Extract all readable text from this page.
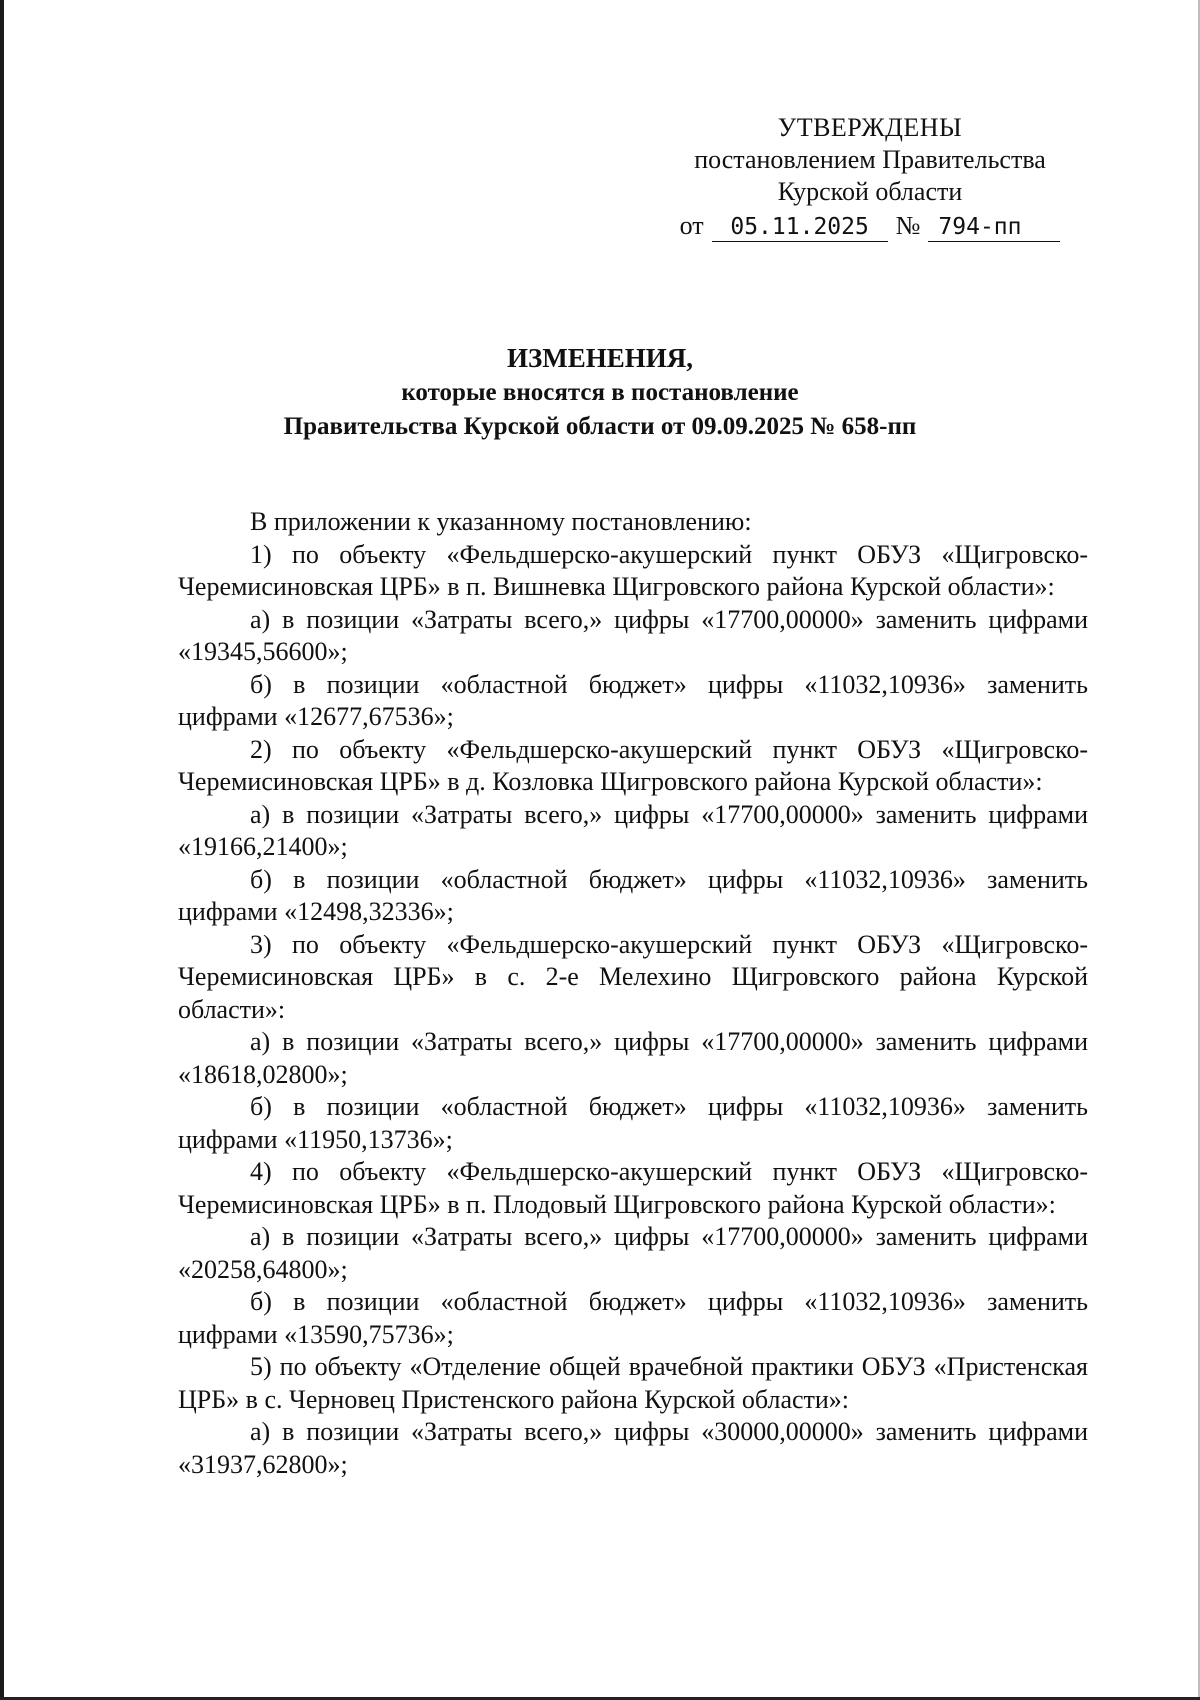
УТВЕРЖДЕНЫ
постановлением Правительства
Курской области
от	05.11.2025	№ 794-пп
ИЗМЕНЕНИЯ,
которые вносятся в постановление
Правительства Курской области от 09.09.2025 № 658-пп

В приложении к указанному постановлению:

1) по объекту «Фельдшерско-акушерский пункт ОБУЗ «Щигровско-Черемисиновская ЦРБ» в п. Вишневка Щигровского района Курской области»:

а) в позиции «Затраты всего,» цифры «17700,00000» заменить цифрами «19345,56600»;

б) в позиции «областной бюджет» цифры «11032,10936» заменить цифрами «12677,67536»;

2) по объекту «Фельдшерско-акушерский пункт ОБУЗ «Щигровско-Черемисиновская ЦРБ» в д. Козловка Щигровского района Курской области»:

а) в позиции «Затраты всего,» цифры «17700,00000» заменить цифрами «19166,21400»;

б) в позиции «областной бюджет» цифры «11032,10936» заменить цифрами «12498,32336»;

3) по объекту «Фельдшерско-акушерский пункт ОБУЗ «Щигровско-Черемисиновская ЦРБ» в с. 2-е Мелехино Щигровского района Курской области»:

а) в позиции «Затраты всего,» цифры «17700,00000» заменить цифрами «18618,02800»;

б) в позиции «областной бюджет» цифры «11032,10936» заменить цифрами «11950,13736»;

4) по объекту «Фельдшерско-акушерский пункт ОБУЗ «Щигровско-Черемисиновская ЦРБ» в п. Плодовый Щигровского района Курской области»:

а) в позиции «Затраты всего,» цифры «17700,00000» заменить цифрами «20258,64800»;

б) в позиции «областной бюджет» цифры «11032,10936» заменить цифрами «13590,75736»;

5) по объекту «Отделение общей врачебной практики ОБУЗ «Пристенская ЦРБ» в с. Черновец Пристенского района Курской области»:

а) в позиции «Затраты всего,» цифры «30000,00000» заменить цифрами «31937,62800»;
